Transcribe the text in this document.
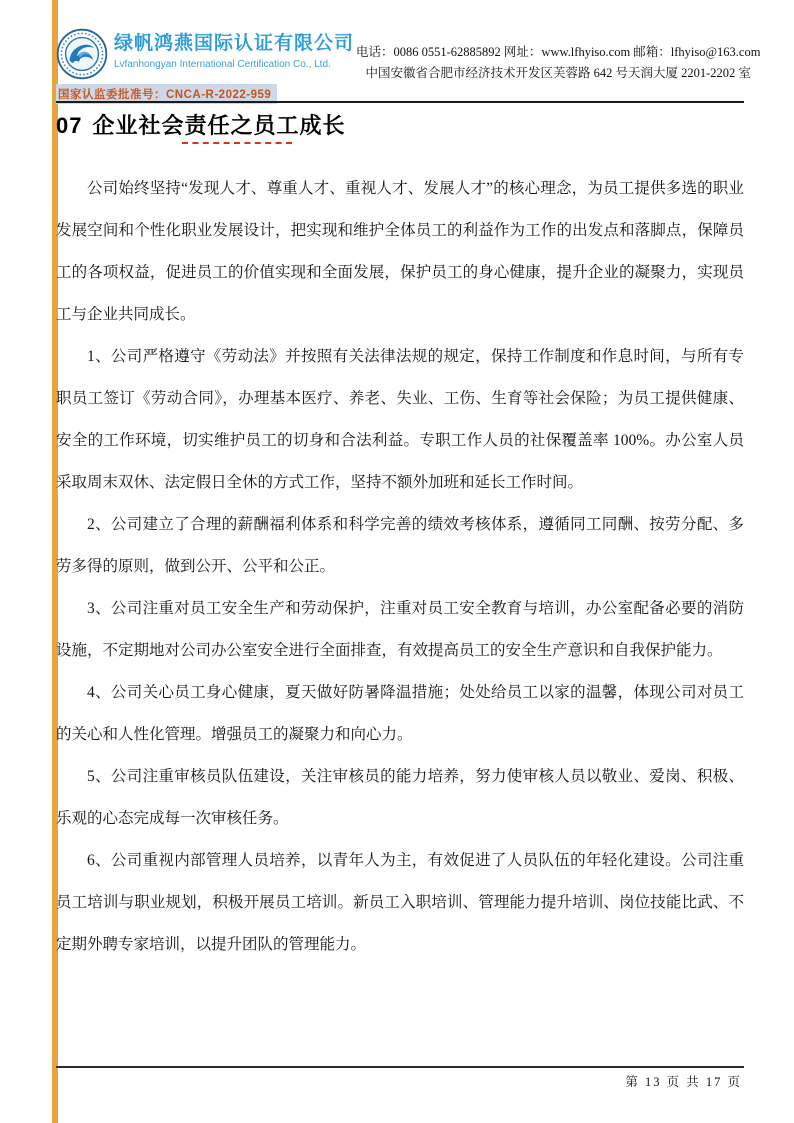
绿帆鸿燕国际认证有限公司
Lvfanhongyan International Certification Co., Ltd.
国家认监委批准号：CNCA-R-2022-959
电话：0086 0551-62885892 网址：www.lfhyiso.com 邮箱：lfhyiso@163.com
中国安徽省合肥市经济技术开发区芙蓉路 642 号天润大厦 2201-2202 室
07 企业社会责任之员工成长

公司始终坚持“发现人才、尊重人才、重视人才、发展人才”的核心理念，为员工提供多选的职业发展空间和个性化职业发展设计，把实现和维护全体员工的利益作为工作的出发点和落脚点，保障员工的各项权益，促进员工的价值实现和全面发展，保护员工的身心健康，提升企业的凝聚力，实现员工与企业共同成长。

1、公司严格遵守《劳动法》并按照有关法律法规的规定，保持工作制度和作息时间，与所有专职员工签订《劳动合同》，办理基本医疗、养老、失业、工伤、生育等社会保险；为员工提供健康、安全的工作环境，切实维护员工的切身和合法利益。专职工作人员的社保覆盖率 100%。办公室人员采取周末双休、法定假日全休的方式工作，坚持不额外加班和延长工作时间。

2、公司建立了合理的薪酬福利体系和科学完善的绩效考核体系，遵循同工同酬、按劳分配、多劳多得的原则，做到公开、公平和公正。

3、公司注重对员工安全生产和劳动保护，注重对员工安全教育与培训，办公室配备必要的消防设施，不定期地对公司办公室安全进行全面排查，有效提高员工的安全生产意识和自我保护能力。

4、公司关心员工身心健康，夏天做好防暑降温措施；处处给员工以家的温馨，体现公司对员工的关心和人性化管理。增强员工的凝聚力和向心力。

5、公司注重审核员队伍建设，关注审核员的能力培养，努力使审核人员以敬业、爱岗、积极、乐观的心态完成每一次审核任务。

6、公司重视内部管理人员培养，以青年人为主，有效促进了人员队伍的年轻化建设。公司注重员工培训与职业规划，积极开展员工培训。新员工入职培训、管理能力提升培训、岗位技能比武、不定期外聘专家培训，以提升团队的管理能力。

第 13 页 共 17 页
